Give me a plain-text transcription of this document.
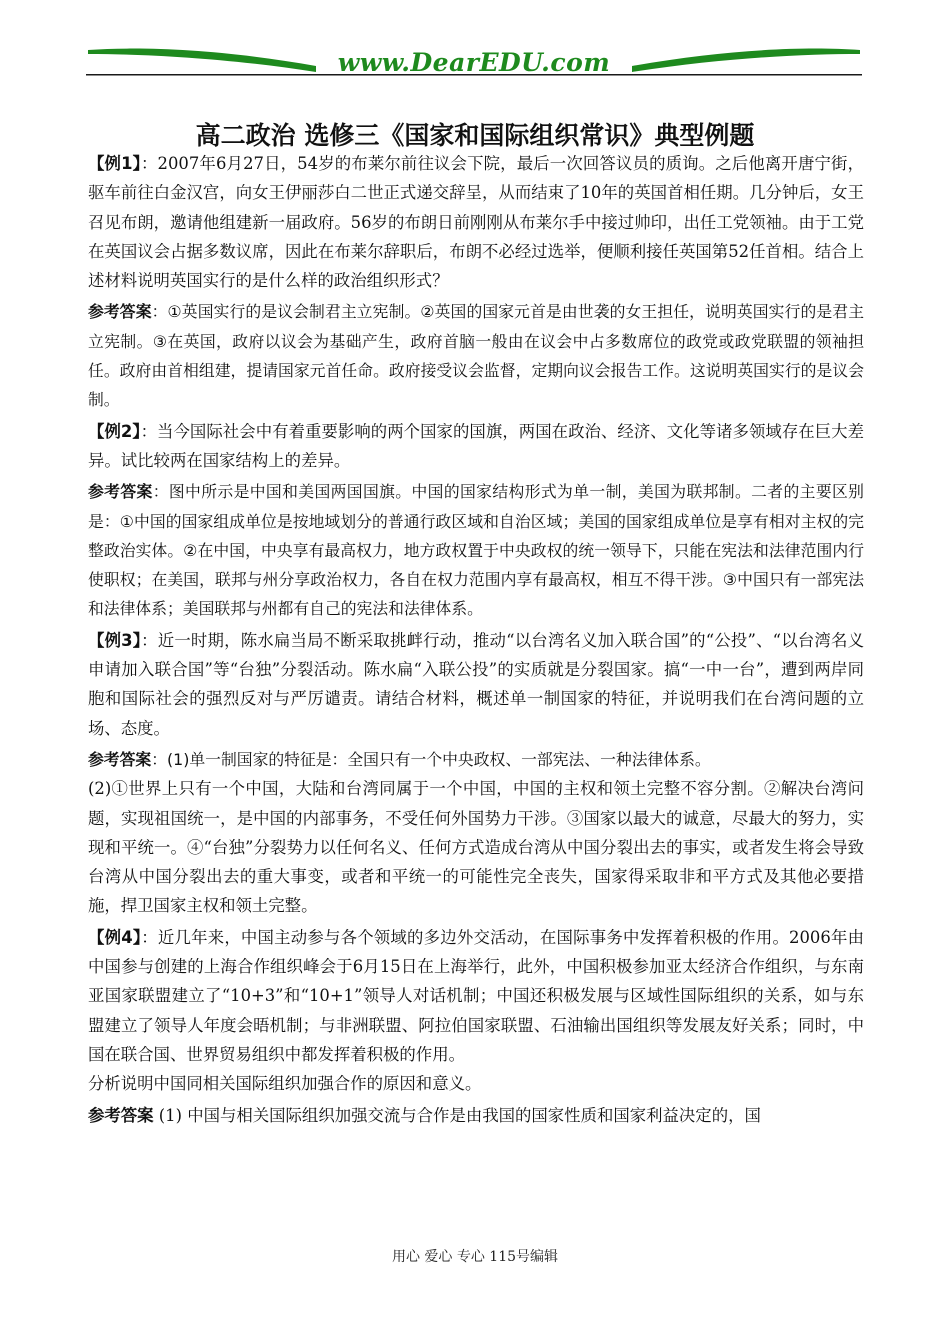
www.DearEDU.com
高二政治 选修三《国家和国际组织常识》典型例题

【例1】：2007年6月27日，54岁的布莱尔前往议会下院，最后一次回答议员的质询。之后他离开唐宁街，驱车前往白金汉宫，向女王伊丽莎白二世正式递交辞呈，从而结束了10年的英国首相任期。几分钟后，女王召见布朗，邀请他组建新一届政府。56岁的布朗日前刚刚从布莱尔手中接过帅印，出任工党领袖。由于工党在英国议会占据多数议席，因此在布莱尔辞职后，布朗不必经过选举，便顺利接任英国第52任首相。结合上述材料说明英国实行的是什么样的政治组织形式？

参考答案：①英国实行的是议会制君主立宪制。②英国的国家元首是由世袭的女王担任，说明英国实行的是君主立宪制。③在英国，政府以议会为基础产生，政府首脑一般由在议会中占多数席位的政党或政党联盟的领袖担任。政府由首相组建，提请国家元首任命。政府接受议会监督，定期向议会报告工作。这说明英国实行的是议会制。

【例2】：当今国际社会中有着重要影响的两个国家的国旗，两国在政治、经济、文化等诸多领域存在巨大差异。试比较两在国家结构上的差异。

参考答案：图中所示是中国和美国两国国旗。中国的国家结构形式为单一制，美国为联邦制。二者的主要区别是：①中国的国家组成单位是按地域划分的普通行政区域和自治区域；美国的国家组成单位是享有相对主权的完整政治实体。②在中国，中央享有最高权力，地方政权置于中央政权的统一领导下，只能在宪法和法律范围内行使职权；在美国，联邦与州分享政治权力，各自在权力范围内享有最高权，相互不得干涉。③中国只有一部宪法和法律体系；美国联邦与州都有自己的宪法和法律体系。

【例3】：近一时期，陈水扁当局不断采取挑衅行动，推动“以台湾名义加入联合国”的“公投”、“以台湾名义申请加入联合国”等“台独”分裂活动。陈水扁“入联公投”的实质就是分裂国家。搞“一中一台”，遭到两岸同胞和国际社会的强烈反对与严厉谴责。请结合材料，概述单一制国家的特征，并说明我们在台湾问题的立场、态度。

参考答案：(1)单一制国家的特征是：全国只有一个中央政权、一部宪法、一种法律体系。

(2)①世界上只有一个中国，大陆和台湾同属于一个中国，中国的主权和领土完整不容分割。②解决台湾问题，实现祖国统一，是中国的内部事务，不受任何外国势力干涉。③国家以最大的诚意，尽最大的努力，实现和平统一。④“台独”分裂势力以任何名义、任何方式造成台湾从中国分裂出去的事实，或者发生将会导致台湾从中国分裂出去的重大事变，或者和平统一的可能性完全丧失，国家得采取非和平方式及其他必要措施，捍卫国家主权和领土完整。

【例4】：近几年来，中国主动参与各个领域的多边外交活动，在国际事务中发挥着积极的作用。2006年由中国参与创建的上海合作组织峰会于6月15日在上海举行，此外，中国积极参加亚太经济合作组织，与东南亚国家联盟建立了“10+3”和“10+1”领导人对话机制；中国还积极发展与区域性国际组织的关系，如与东盟建立了领导人年度会晤机制；与非洲联盟、阿拉伯国家联盟、石油输出国组织等发展友好关系；同时，中国在联合国、世界贸易组织中都发挥着积极的作用。

分析说明中国同相关国际组织加强合作的原因和意义。

参考答案 (1) 中国与相关国际组织加强交流与合作是由我国的国家性质和国家利益决定的，国

用心 爱心 专心 115号编辑
